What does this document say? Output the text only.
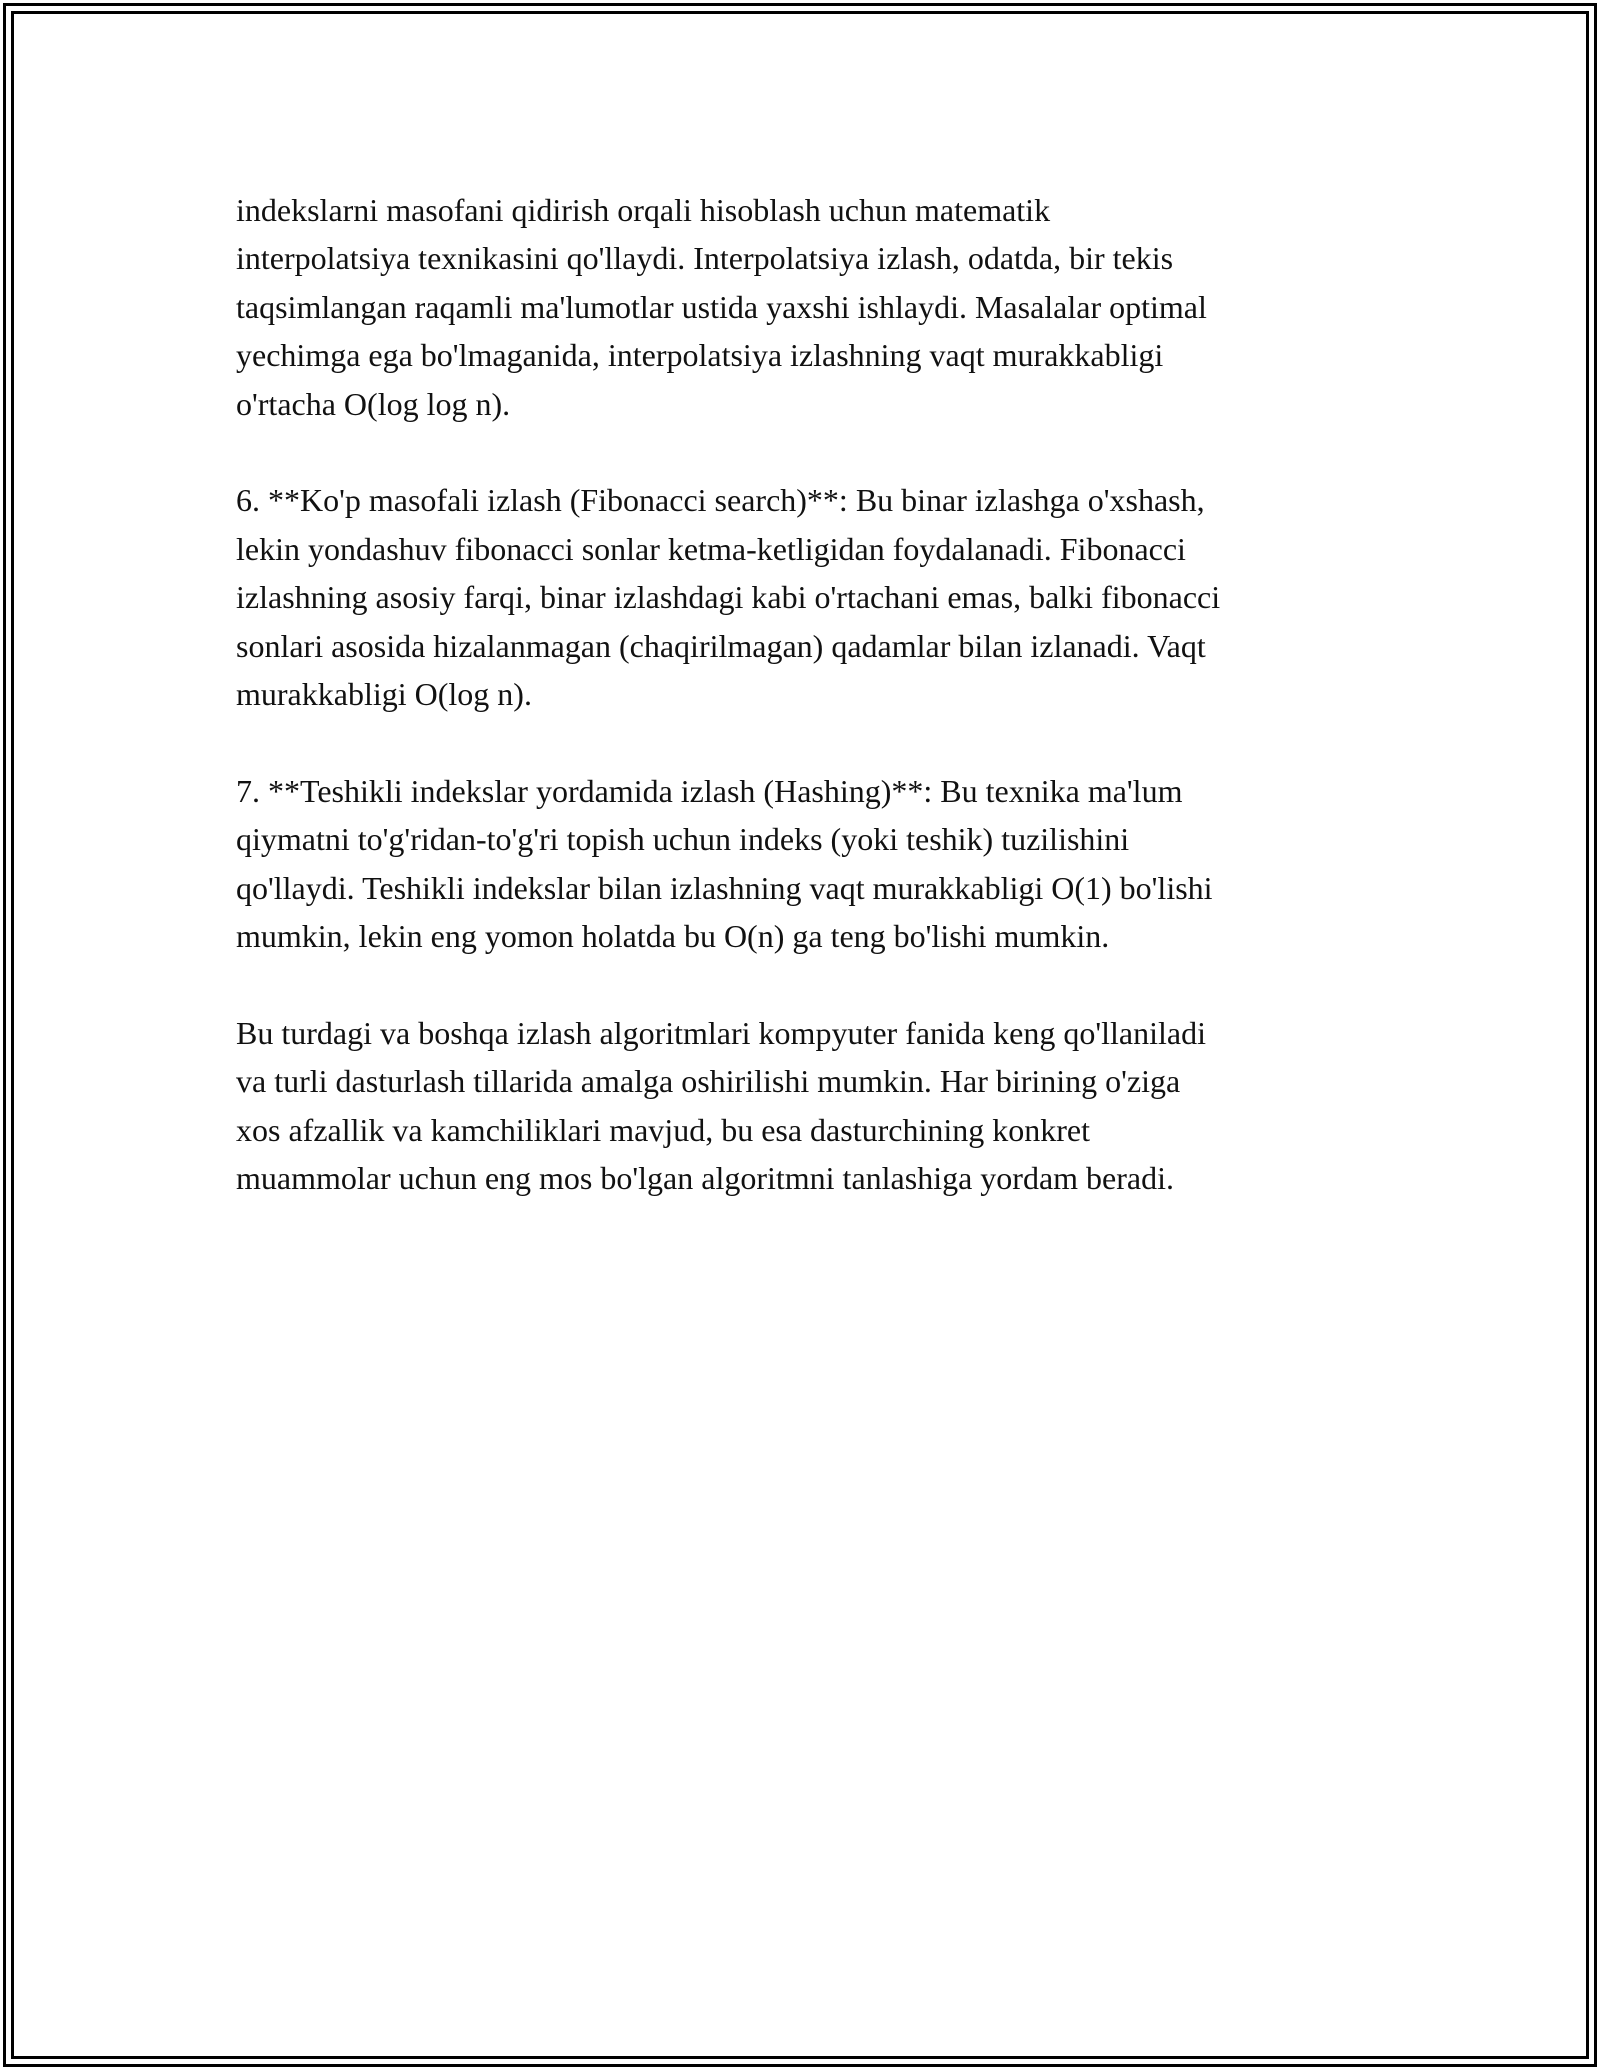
indekslarni masofani qidirish orqali hisoblash uchun matematik
interpolatsiya texnikasini qo'llaydi. Interpolatsiya izlash, odatda, bir tekis
taqsimlangan raqamli ma'lumotlar ustida yaxshi ishlaydi. Masalalar optimal
yechimga ega bo'lmaganida, interpolatsiya izlashning vaqt murakkabligi
o'rtacha O(log log n).

6. **Ko'p masofali izlash (Fibonacci search)**: Bu binar izlashga o'xshash,
lekin yondashuv fibonacci sonlar ketma-ketligidan foydalanadi. Fibonacci
izlashning asosiy farqi, binar izlashdagi kabi o'rtachani emas, balki fibonacci
sonlari asosida hizalanmagan (chaqirilmagan) qadamlar bilan izlanadi. Vaqt
murakkabligi O(log n).

7. **Teshikli indekslar yordamida izlash (Hashing)**: Bu texnika ma'lum
qiymatni to'g'ridan-to'g'ri topish uchun indeks (yoki teshik) tuzilishini
qo'llaydi. Teshikli indekslar bilan izlashning vaqt murakkabligi O(1) bo'lishi
mumkin, lekin eng yomon holatda bu O(n) ga teng bo'lishi mumkin.

Bu turdagi va boshqa izlash algoritmlari kompyuter fanida keng qo'llaniladi
va turli dasturlash tillarida amalga oshirilishi mumkin. Har birining o'ziga
xos afzallik va kamchiliklari mavjud, bu esa dasturchining konkret
muammolar uchun eng mos bo'lgan algoritmni tanlashiga yordam beradi.
